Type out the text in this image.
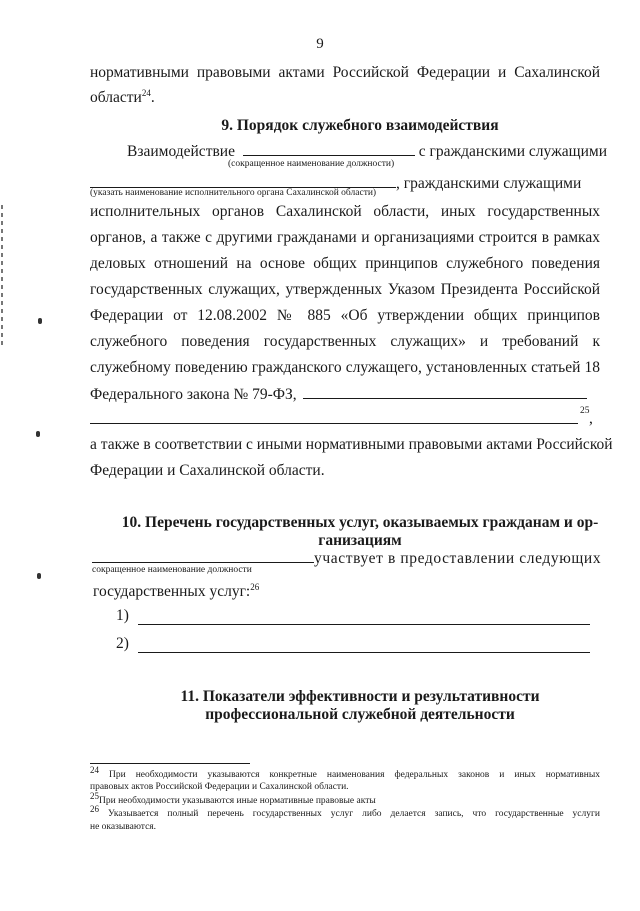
9
нормативными правовыми актами Российской Федерации и Сахалинской
области$^{24}$.
9. Порядок служебного взаимодействия
Взаимодействие	с гражданскими служащими
(сокращенное наименование должности)
, гражданскими служащими
(указать наименование исполнительного органа Сахалинской области)
исполнительных органов Сахалинской области, иных государственных
органов, а также с другими гражданами и организациями строится в рамках
деловых отношений на основе общих принципов служебного поведения
государственных служащих, утвержденных Указом Президента Российской
Федерации от 12.08.2002 № 885 «Об утверждении общих принципов
служебного поведения государственных служащих» и требований к
служебному поведению гражданского служащего, установленных статьей 18
Федерального закона № 79-ФЗ,
25 ,
а также в соответствии с иными нормативными правовыми актами Российской
Федерации и Сахалинской области.
10. Перечень государственных услуг, оказываемых гражданам и ор-
ганизациям
участвует в предоставлении следующих
сокращенное наименование должности
государственных услуг:$^{26}$
1)
2)
11. Показатели эффективности и результативности
профессиональной служебной деятельности
24 При необходимости указываются конкретные наименования федеральных законов и иных нормативных
правовых актов Российской Федерации и Сахалинской области.
25При необходимости указываются иные нормативные правовые акты
26 Указывается полный перечень государственных услуг либо делается запись, что государственные услуги
не оказываются.
